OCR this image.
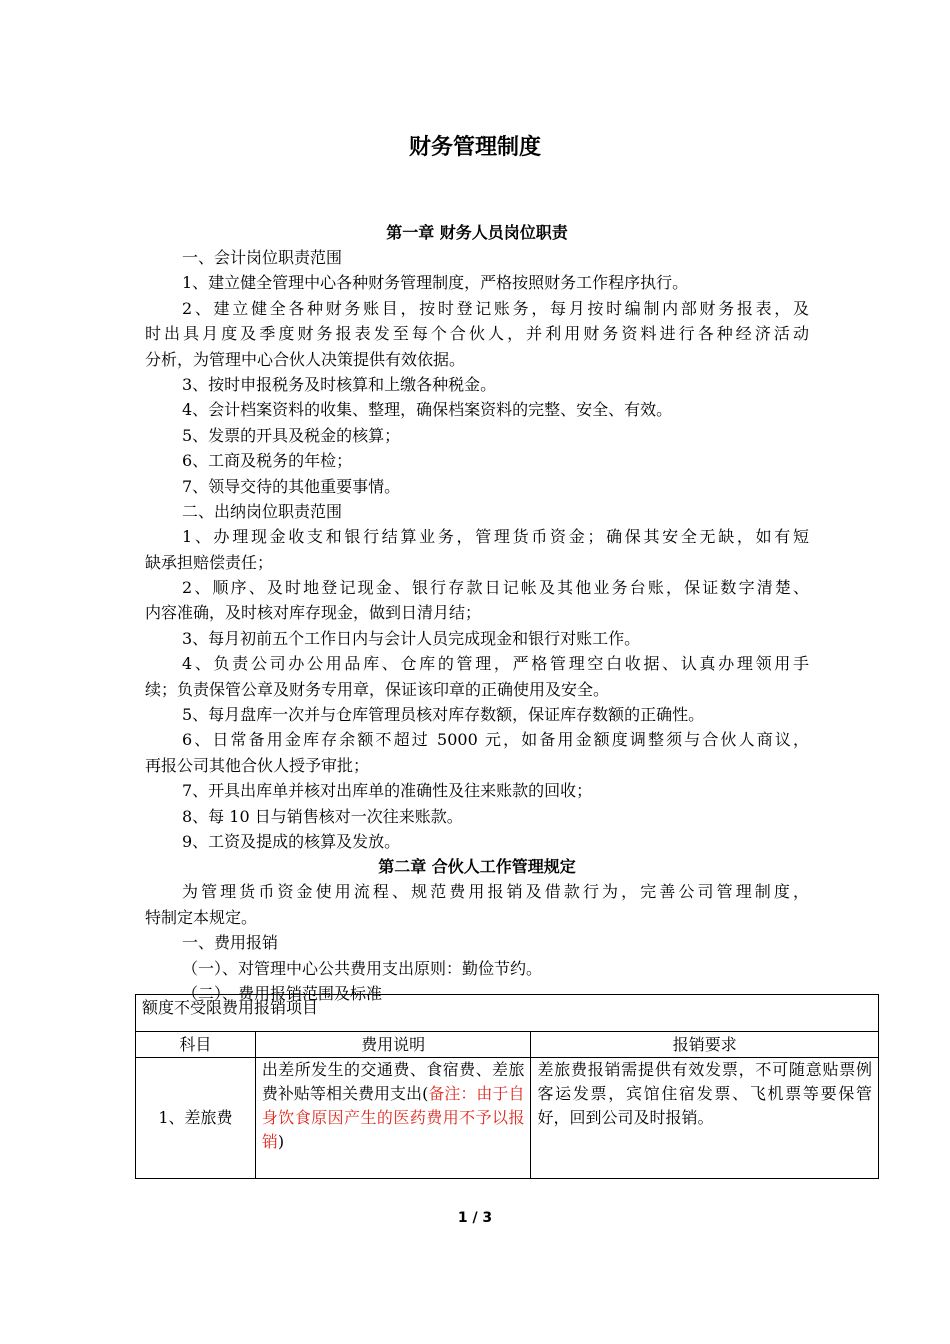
财务管理制度
第一章 财务人员岗位职责
一、会计岗位职责范围
1、建立健全管理中心各种财务管理制度，严格按照财务工作程序执行。
2、建立健全各种财务账目，按时登记账务，每月按时编制内部财务报表，及
时出具月度及季度财务报表发至每个合伙人，并利用财务资料进行各种经济活动
分析，为管理中心合伙人决策提供有效依据。
3、按时申报税务及时核算和上缴各种税金。
4、会计档案资料的收集、整理，确保档案资料的完整、安全、有效。
5、发票的开具及税金的核算；
6、工商及税务的年检；
7、领导交待的其他重要事情。
二、出纳岗位职责范围
1、办理现金收支和银行结算业务，管理货币资金；确保其安全无缺，如有短
缺承担赔偿责任；
2、顺序、及时地登记现金、银行存款日记帐及其他业务台账，保证数字清楚、
内容准确，及时核对库存现金，做到日清月结；
3、每月初前五个工作日内与会计人员完成现金和银行对账工作。
4、负责公司办公用品库、仓库的管理，严格管理空白收据、认真办理领用手
续；负责保管公章及财务专用章，保证该印章的正确使用及安全。
5、每月盘库一次并与仓库管理员核对库存数额，保证库存数额的正确性。
6、日常备用金库存余额不超过 5000 元，如备用金额度调整须与合伙人商议，
再报公司其他合伙人授予审批；
7、开具出库单并核对出库单的准确性及往来账款的回收；
8、每 10 日与销售核对一次往来账款。
9、工资及提成的核算及发放。
第二章 合伙人工作管理规定
为管理货币资金使用流程、规范费用报销及借款行为，完善公司管理制度，
特制定本规定。
一、费用报销
（一）、对管理中心公共费用支出原则：勤俭节约。
（二）、费用报销范围及标准
额度不受限费用报销项目		
科目	费用说明	报销要求
1、差旅费	出差所发生的交通费、食宿费、差旅费补贴等相关费用支出(备注：由于自身饮食原因产生的医药费用不予以报销)	差旅费报销需提供有效发票，不可随意贴票例客运发票，宾馆住宿发票、飞机票等要保管好，回到公司及时报销。
1 / 3
